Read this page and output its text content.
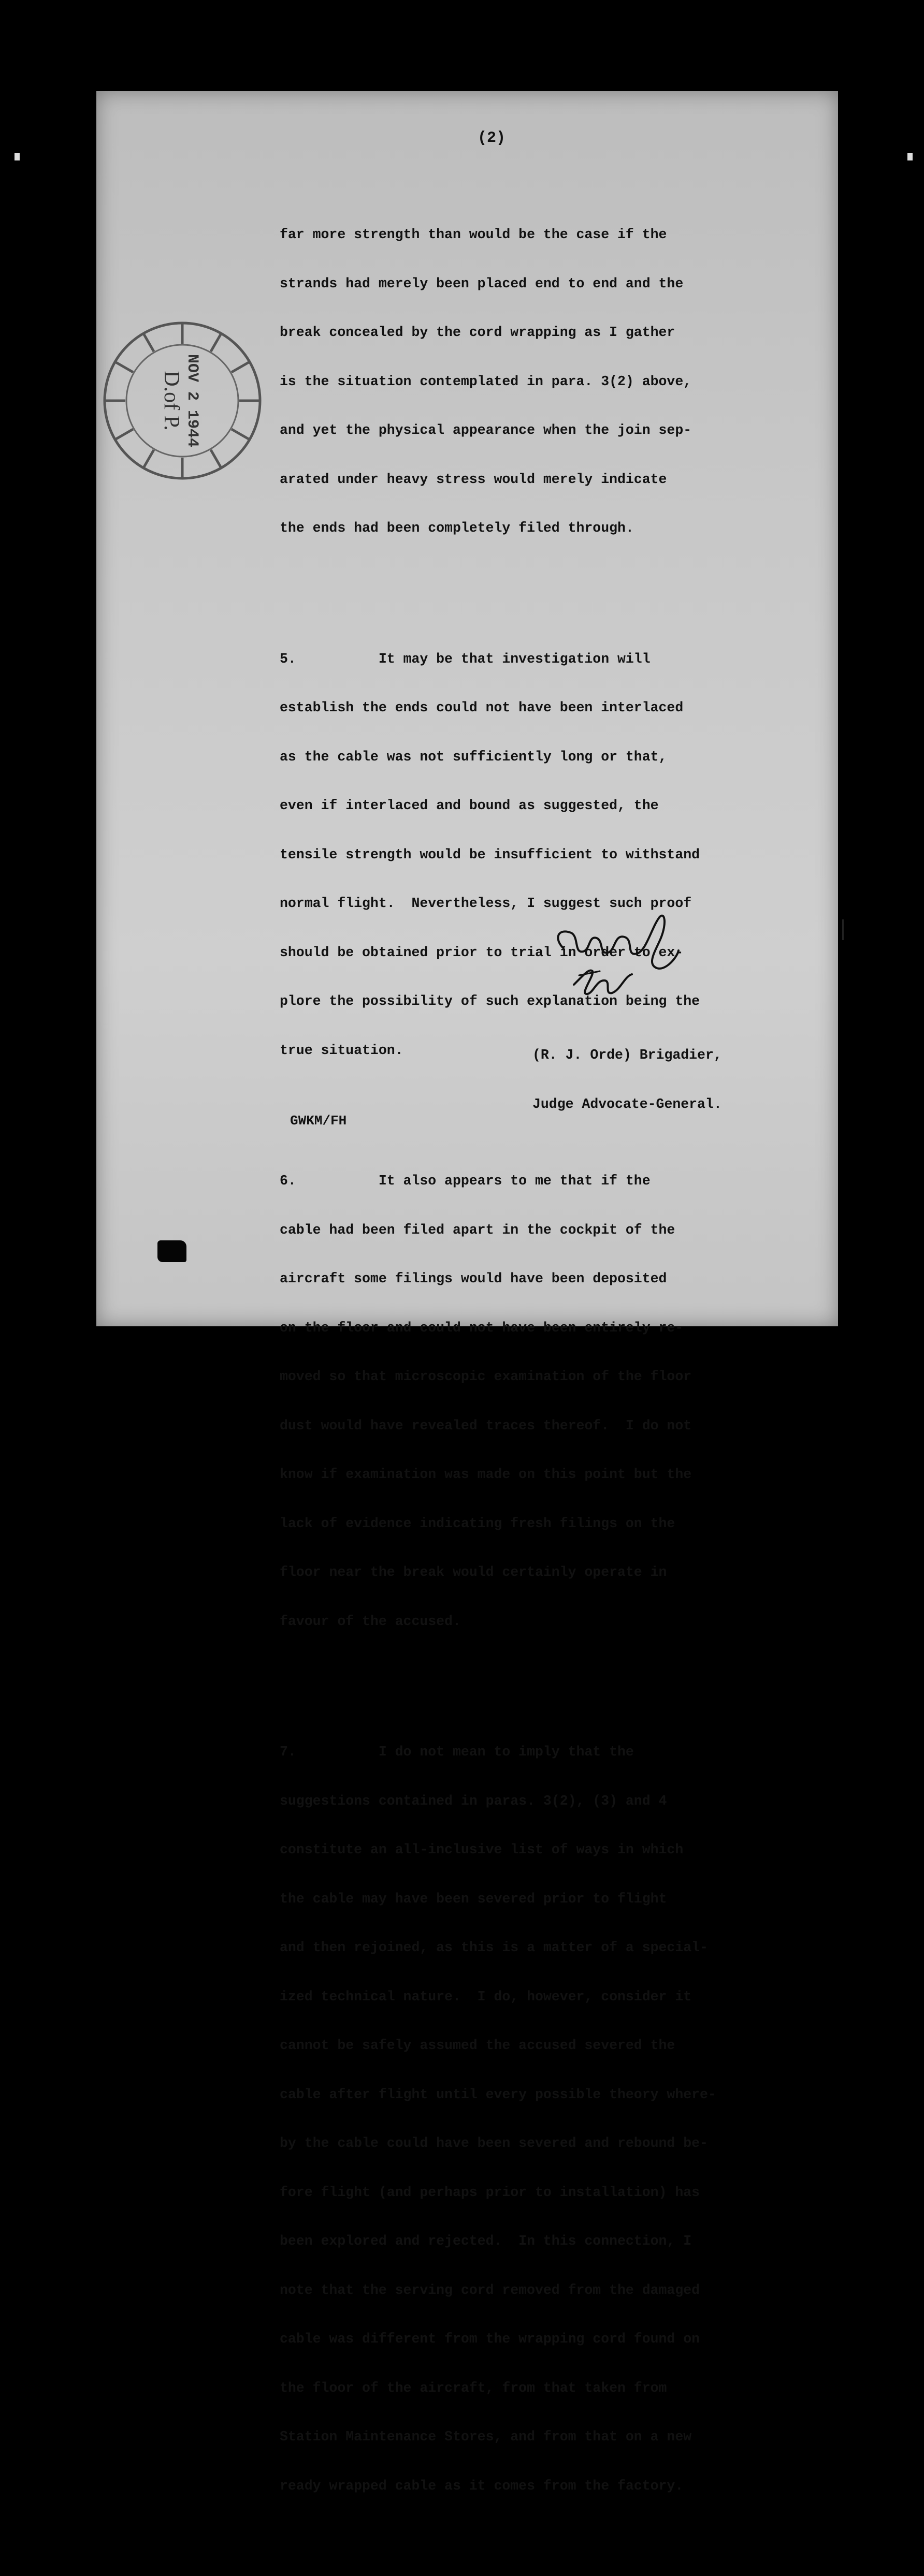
(2)

far more strength than would be the case if the

strands had merely been placed end to end and the

break concealed by the cord wrapping as I gather

is the situation contemplated in para. 3(2) above,

and yet the physical appearance when the join sep-

arated under heavy stress would merely indicate

the ends had been completely filed through.

5.          It may be that investigation will

establish the ends could not have been interlaced

as the cable was not sufficiently long or that,

even if interlaced and bound as suggested, the

tensile strength would be insufficient to withstand

normal flight.  Nevertheless, I suggest such proof

should be obtained prior to trial in order to ex-

plore the possibility of such explanation being the

true situation.

6.          It also appears to me that if the

cable had been filed apart in the cockpit of the

aircraft some filings would have been deposited

on the floor and could not have been entirely re-

moved so that microscopic examination of the floor

dust would have revealed traces thereof.  I do not

know if examination was made on this point but the

lack of evidence indicating fresh filings on the

floor near the break would certainly operate in

favour of the accused.

7.          I do not mean to imply that the

suggestions contained in paras. 3(2), (3) and 4

constitute an all-inclusive list of ways in which

the cable may have been severed prior to flight

and then rejoined, as this is a matter of a special-

ized technical nature.  I do, however, consider it

cannot be safely assumed the accused severed the

cable after flight until every possible theory where-

by the cable could have been severed and rebound be-

fore flight (and perhaps prior to installation) has

been explored and rejected.  In this connection, I

note that the serving cord removed from the damaged

cable was different from the wrapping cord found on

the floor of the aircraft, from that taken from

Station Maintenance Stores, and from that on a new

ready wrapped cable as it comes from the factory.

NOV 2 1944
D.of P.

(R. J. Orde) Brigadier,

Judge Advocate-General.

GWKM/FH
